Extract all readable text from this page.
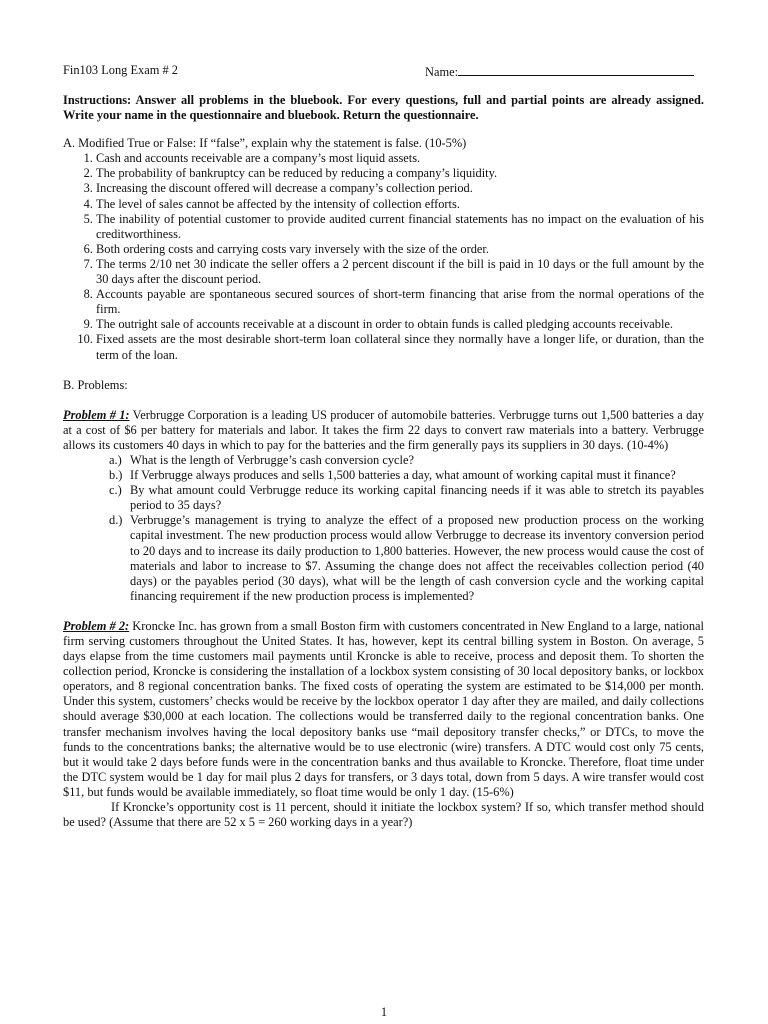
Fin103 Long Exam # 2	Name:

Instructions: Answer all problems in the bluebook. For every questions, full and partial points are already assigned. Write your name in the questionnaire and bluebook. Return the questionnaire.

A. Modified True or False: If “false”, explain why the statement is false. (10-5%)
1. Cash and accounts receivable are a company’s most liquid assets.
2. The probability of bankruptcy can be reduced by reducing a company’s liquidity.
3. Increasing the discount offered will decrease a company’s collection period.
4. The level of sales cannot be affected by the intensity of collection efforts.
5. The inability of potential customer to provide audited current financial statements has no impact on the evaluation of his creditworthiness.
6. Both ordering costs and carrying costs vary inversely with the size of the order.
7. The terms 2/10 net 30 indicate the seller offers a 2 percent discount if the bill is paid in 10 days or the full amount by the 30 days after the discount period.
8. Accounts payable are spontaneous secured sources of short-term financing that arise from the normal operations of the firm.
9. The outright sale of accounts receivable at a discount in order to obtain funds is called pledging accounts receivable.
10. Fixed assets are the most desirable short-term loan collateral since they normally have a longer life, or duration, than the term of the loan.
B. Problems:
Problem # 1: Verbrugge Corporation is a leading US producer of automobile batteries. Verbrugge turns out 1,500 batteries a day at a cost of $6 per battery for materials and labor. It takes the firm 22 days to convert raw materials into a battery. Verbrugge allows its customers 40 days in which to pay for the batteries and the firm generally pays its suppliers in 30 days. (10-4%)
a.) What is the length of Verbrugge’s cash conversion cycle?
b.) If Verbrugge always produces and sells 1,500 batteries a day, what amount of working capital must it finance?
c.) By what amount could Verbrugge reduce its working capital financing needs if it was able to stretch its payables period to 35 days?
d.) Verbrugge’s management is trying to analyze the effect of a proposed new production process on the working capital investment. The new production process would allow Verbrugge to decrease its inventory conversion period to 20 days and to increase its daily production to 1,800 batteries. However, the new process would cause the cost of materials and labor to increase to $7. Assuming the change does not affect the receivables collection period (40 days) or the payables period (30 days), what will be the length of cash conversion cycle and the working capital financing requirement if the new production process is implemented?
Problem # 2: Kroncke Inc. has grown from a small Boston firm with customers concentrated in New England to a large, national firm serving customers throughout the United States. It has, however, kept its central billing system in Boston. On average, 5 days elapse from the time customers mail payments until Kroncke is able to receive, process and deposit them. To shorten the collection period, Kroncke is considering the installation of a lockbox system consisting of 30 local depository banks, or lockbox operators, and 8 regional concentration banks. The fixed costs of operating the system are estimated to be $14,000 per month. Under this system, customers’ checks would be receive by the lockbox operator 1 day after they are mailed, and daily collections should average $30,000 at each location. The collections would be transferred daily to the regional concentration banks. One transfer mechanism involves having the local depository banks use “mail depository transfer checks,” or DTCs, to move the funds to the concentrations banks; the alternative would be to use electronic (wire) transfers. A DTC would cost only 75 cents, but it would take 2 days before funds were in the concentration banks and thus available to Kroncke. Therefore, float time under the DTC system would be 1 day for mail plus 2 days for transfers, or 3 days total, down from 5 days. A wire transfer would cost $11, but funds would be available immediately, so float time would be only 1 day. (15-6%)

If Kroncke’s opportunity cost is 11 percent, should it initiate the lockbox system? If so, which transfer method should be used? (Assume that there are 52 x 5 = 260 working days in a year?)

1
